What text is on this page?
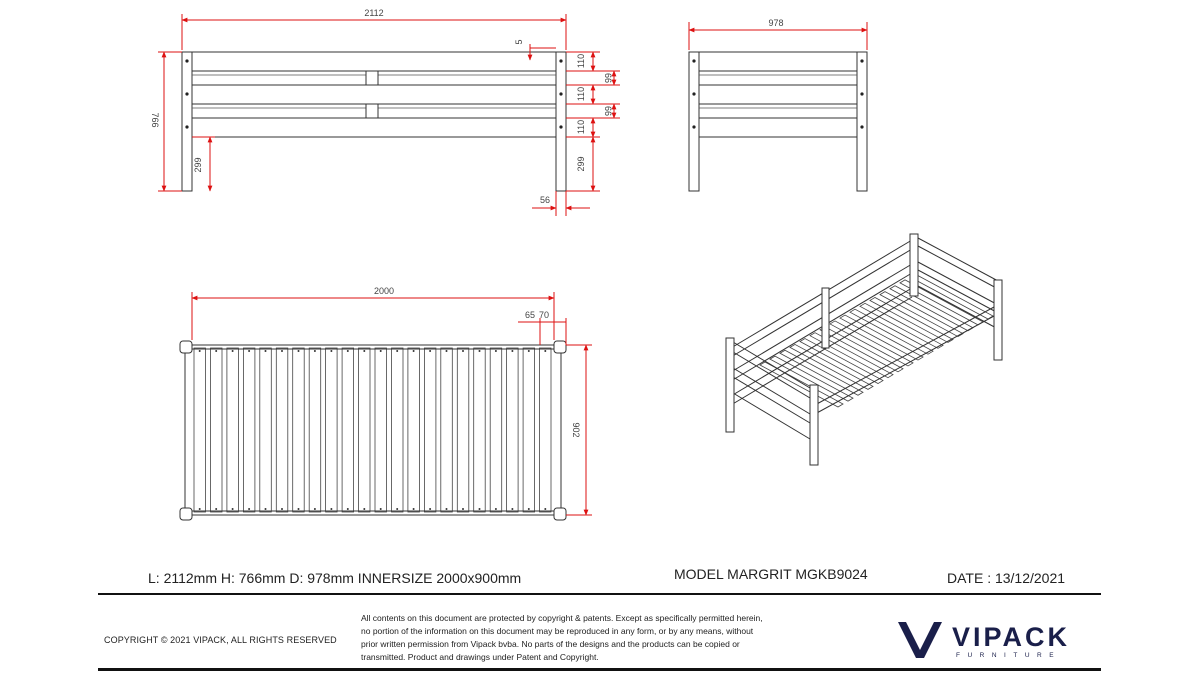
2112
766
299
5
110
110
110
299
66
66
56
978
2000
65 70
902
L: 2112mm H: 766mm D: 978mm INNERSIZE 2000x900mm	MODEL MARGRIT MGKB9024	DATE : 13/12/2021
COPYRIGHT © 2021 VIPACK, ALL RIGHTS RESERVED
All contents on this document are protected by copyright & patents. Except as specifically permitted herein,
no portion of the information on this document may be reproduced in any form, or by any means, without
prior written permission from Vipack bvba. No parts of the designs and the products can be copied or
transmitted. Product and drawings under Patent and Copyright.
VIPACK
FURNITURE
